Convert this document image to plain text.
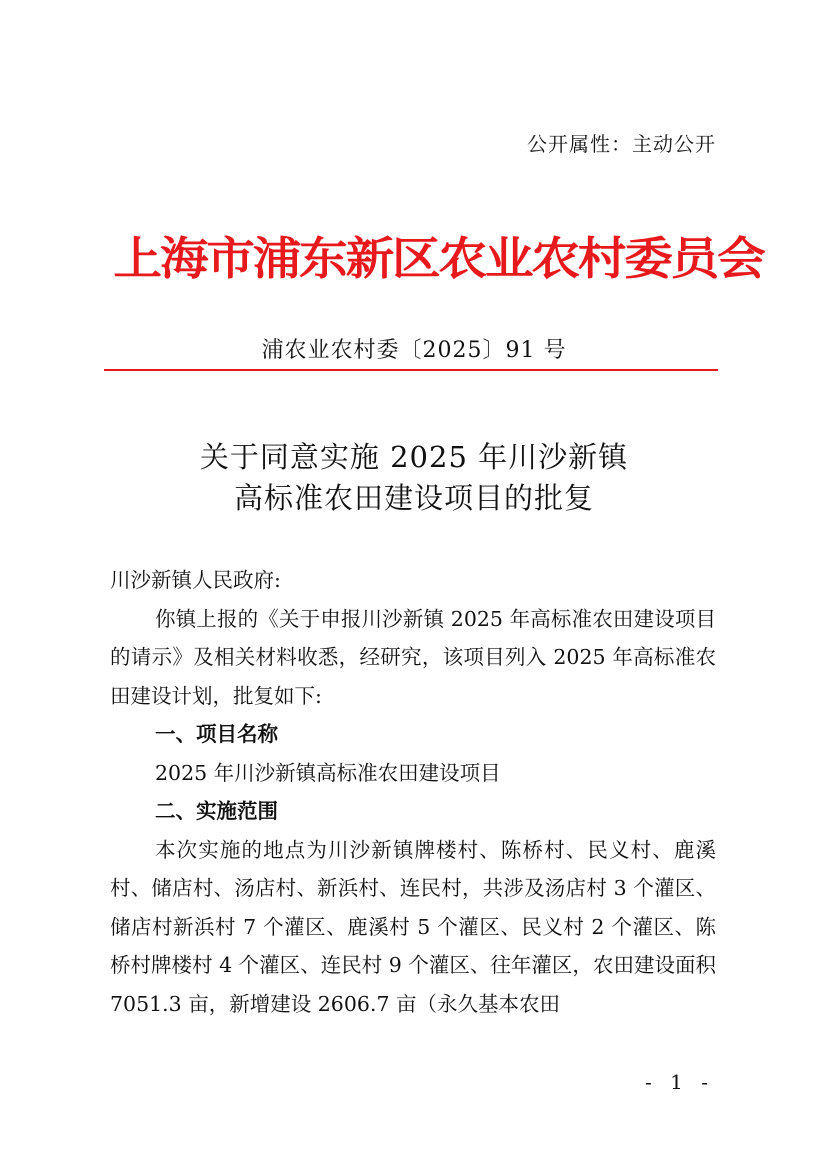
公开属性：主动公开
上海市浦东新区农业农村委员会
浦农业农村委〔2025〕91 号
关于同意实施 2025 年川沙新镇
高标准农田建设项目的批复

川沙新镇人民政府:

你镇上报的《关于申报川沙新镇 2025 年高标准农田建设项目的请示》及相关材料收悉，经研究，该项目列入 2025 年高标准农田建设计划，批复如下:

一、项目名称

2025 年川沙新镇高标准农田建设项目

二、实施范围

本次实施的地点为川沙新镇牌楼村、陈桥村、民义村、鹿溪村、储店村、汤店村、新浜村、连民村，共涉及汤店村 3 个灌区、储店村新浜村 7 个灌区、鹿溪村 5 个灌区、民义村 2 个灌区、陈桥村牌楼村 4 个灌区、连民村 9 个灌区、往年灌区，农田建设面积 7051.3 亩，新增建设 2606.7 亩（永久基本农田

- 1 -
